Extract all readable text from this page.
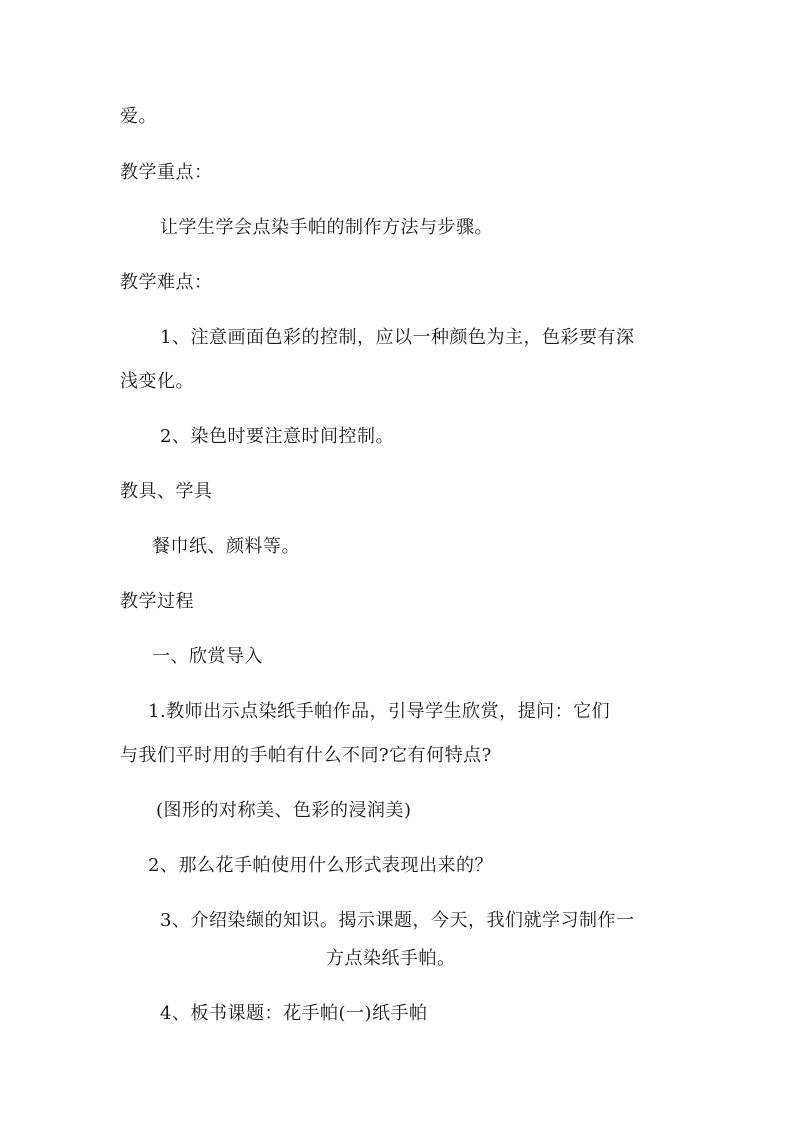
爱。
教学重点：
让学生学会点染手帕的制作方法与步骤。
教学难点：
1、注意画面色彩的控制，应以一种颜色为主，色彩要有深
浅变化。
2、染色时要注意时间控制。
教具、学具
餐巾纸、颜料等。
教学过程
一、欣赏导入
1.教师出示点染纸手帕作品，引导学生欣赏，提问：它们
与我们平时用的手帕有什么不同?它有何特点?
(图形的对称美、色彩的浸润美)
2、那么花手帕使用什么形式表现出来的？
3、介绍染缬的知识。揭示课题，今天，我们就学习制作一
方点染纸手帕。
4、板书课题：花手帕(一)纸手帕
